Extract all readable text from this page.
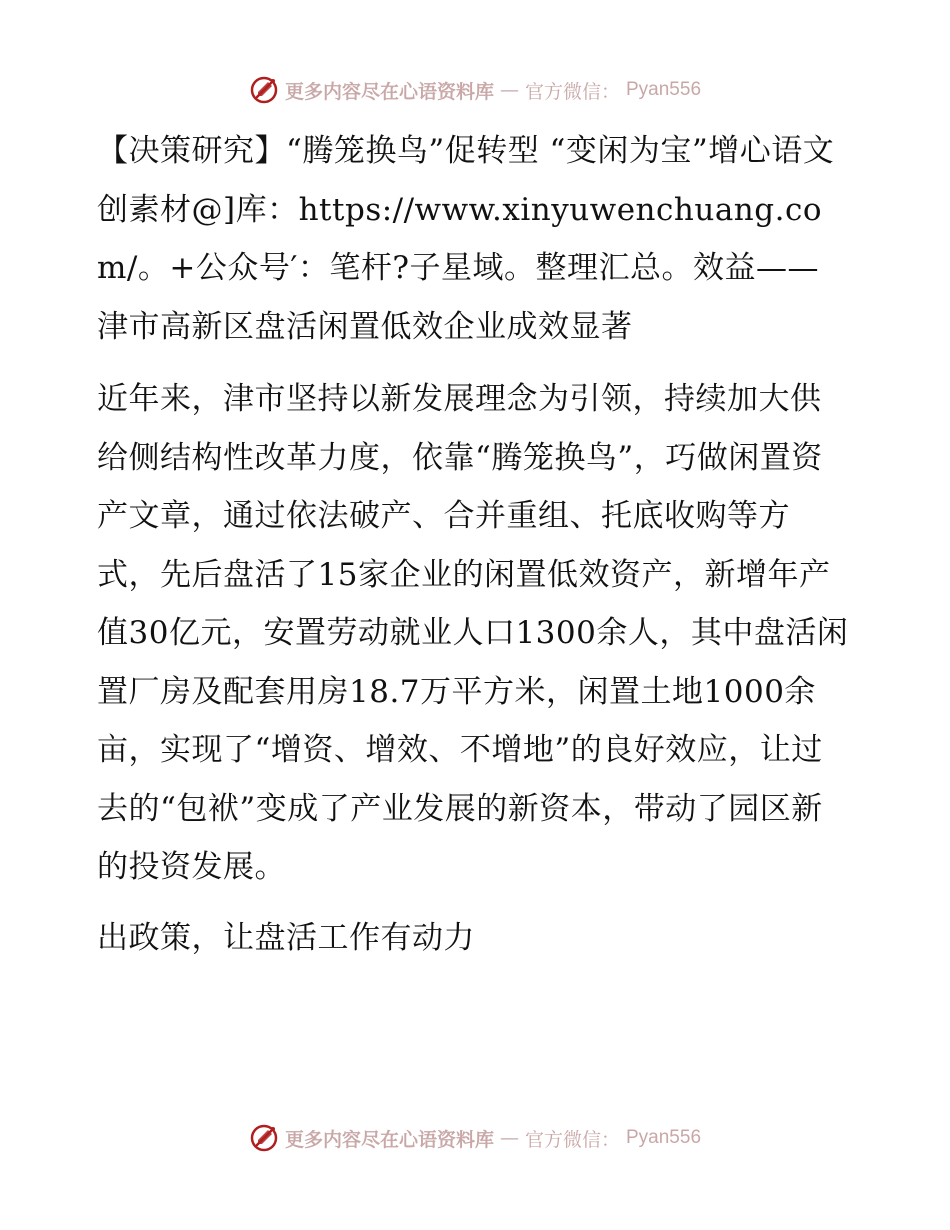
更多内容尽在心语资料库 — 官方微信： Pyan556

【决策研究】“腾笼换鸟”促转型 “变闲为宝”增心语文创素材@]库：https://www.xinyuwenchuang.com/。+公众号′：笔杆?子星域。整理汇总。效益——津市高新区盘活闲置低效企业成效显著

近年来，津市坚持以新发展理念为引领，持续加大供给侧结构性改革力度，依靠“腾笼换鸟”，巧做闲置资产文章，通过依法破产、合并重组、托底收购等方式，先后盘活了15家企业的闲置低效资产，新增年产值30亿元，安置劳动就业人口1300余人，其中盘活闲置厂房及配套用房18.7万平方米，闲置土地1000余亩，实现了“增资、增效、不增地”的良好效应，让过去的“包袱”变成了产业发展的新资本，带动了园区新的投资发展。

出政策，让盘活工作有动力

更多内容尽在心语资料库 — 官方微信： Pyan556
